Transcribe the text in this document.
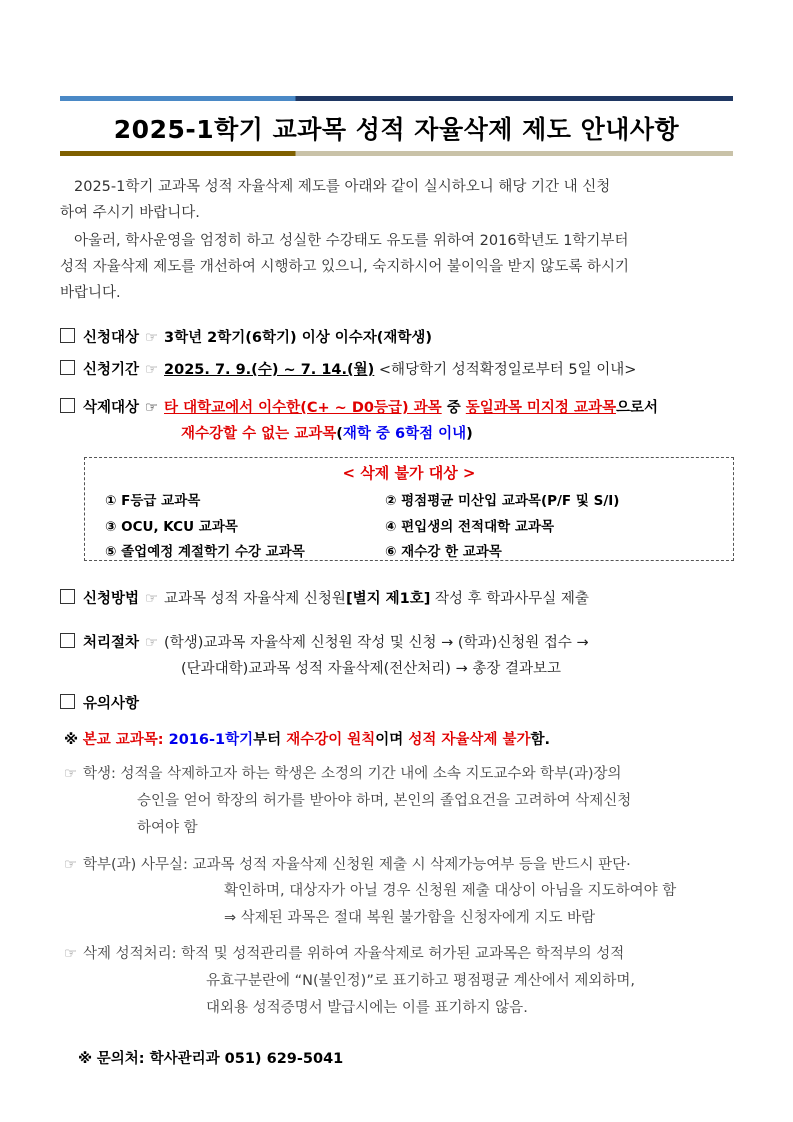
2025-1학기 교과목 성적 자율삭제 제도 안내사항
2025-1학기 교과목 성적 자율삭제 제도를 아래와 같이 실시하오니 해당 기간 내 신청
하여 주시기 바랍니다.
아울러, 학사운영을 엄정히 하고 성실한 수강태도 유도를 위하여 2016학년도 1학기부터
성적 자율삭제 제도를 개선하여 시행하고 있으니, 숙지하시어 불이익을 받지 않도록 하시기
바랍니다.
신청대상 ☞ 3학년 2학기(6학기) 이상 이수자(재학생)
신청기간 ☞ 2025. 7. 9.(수) ~ 7. 14.(월) <해당학기 성적확정일로부터 5일 이내>
삭제대상 ☞ 타 대학교에서 이수한(C+ ~ D0등급) 과목 중 동일과목 미지정 교과목으로서
재수강할 수 없는 교과목(재학 중 6학점 이내)
< 삭제 불가 대상 >
① F등급 교과목	② 평점평균 미산입 교과목(P/F 및 S/I)
③ OCU, KCU 교과목	④ 편입생의 전적대학 교과목
⑤ 졸업예정 계절학기 수강 교과목	⑥ 재수강 한 교과목
신청방법 ☞ 교과목 성적 자율삭제 신청원[별지 제1호] 작성 후 학과사무실 제출
처리절차 ☞ (학생)교과목 자율삭제 신청원 작성 및 신청 → (학과)신청원 접수 →
(단과대학)교과목 성적 자율삭제(전산처리) → 총장 결과보고
유의사항
※ 본교 교과목: 2016-1학기부터 재수강이 원칙이며 성적 자율삭제 불가함.
☞ 학생: 성적을 삭제하고자 하는 학생은 소정의 기간 내에 소속 지도교수와 학부(과)장의
승인을 얻어 학장의 허가를 받아야 하며, 본인의 졸업요건을 고려하여 삭제신청
하여야 함
☞ 학부(과) 사무실: 교과목 성적 자율삭제 신청원 제출 시 삭제가능여부 등을 반드시 판단·
확인하며, 대상자가 아닐 경우 신청원 제출 대상이 아님을 지도하여야 함
⇒ 삭제된 과목은 절대 복원 불가함을 신청자에게 지도 바람
☞ 삭제 성적처리: 학적 및 성적관리를 위하여 자율삭제로 허가된 교과목은 학적부의 성적
유효구분란에 “N(불인정)”로 표기하고 평점평균 계산에서 제외하며,
대외용 성적증명서 발급시에는 이를 표기하지 않음.
※ 문의처: 학사관리과 051) 629-5041
